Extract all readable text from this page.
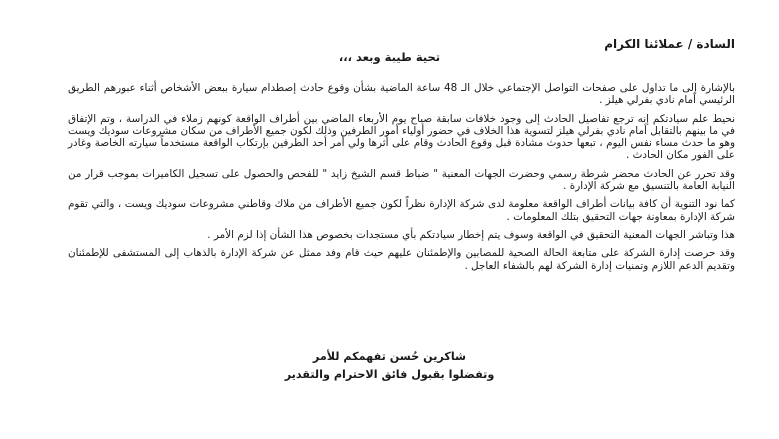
السادة / عملائنا الكرام

تحية طيبة وبعد ،،،

بالإشارة إلى ما تداول على صفحات التواصل الإجتماعي خلال الـ 48 ساعة الماضية بشأن وقوع حادث إصطدام سيارة ببعض الأشخاص أثناء عبورهم الطريق الرئيسي أمام نادي بفرلي هيلز .

نحيط علم سيادتكم إنه ترجع تفاصيل الحادث إلى وجود خلافات سابقة صباح يوم الأربعاء الماضي بين أطراف الواقعة كونهم زملاء في الدراسة ، وتم الإتفاق في ما بينهم بالتقابل أمام نادي بفرلي هيلز لتسوية هذا الخلاف في حضور أولياء أمور الطرفين وذلك لكون جميع الأطراف من سكان مشروعات سوديك ويست وهو ما حدث مساء نفس اليوم ، تبعها حدوث مشادة قبل وقوع الحادث وقام على أثرها ولي أمر أحد الطرفين بإرتكاب الواقعة مستخدماً سيارته الخاصة وغادر على الفور مكان الحادث .

وقد تحرر عن الحادث محضر شرطة رسمي وحضرت الجهات المعنية " ضباط قسم الشيخ زايد " للفحص والحصول على تسجيل الكاميرات بموجب قرار من النيابة العامة بالتنسيق مع شركة الإدارة .

كما نود التنوية أن كافة بيانات أطراف الواقعة معلومة لدى شركة الإدارة نظراً لكون جميع الأطراف من ملاك وقاطني مشروعات سوديك ويست ، والتي تقوم شركة الإدارة بمعاونة جهات التحقيق بتلك المعلومات .

هذا وتباشر الجهات المعنية التحقيق في الواقعة وسوف يتم إخطار سيادتكم بأي مستجدات بخصوص هذا الشأن إذا لزم الأمر .

وقد حرصت إدارة الشركة على متابعة الحالة الصحية للمصابين والإطمئنان عليهم حيث قام وفد ممثل عن شركة الإدارة بالذهاب إلى المستشفى للإطمئنان وتقديم الدعم اللازم وتمنيات إدارة الشركة لهم بالشفاء العاجل .

شاكرين حُسن تفهمكم للأمر

وتفضلوا بقبول فائق الاحترام والتقدير
